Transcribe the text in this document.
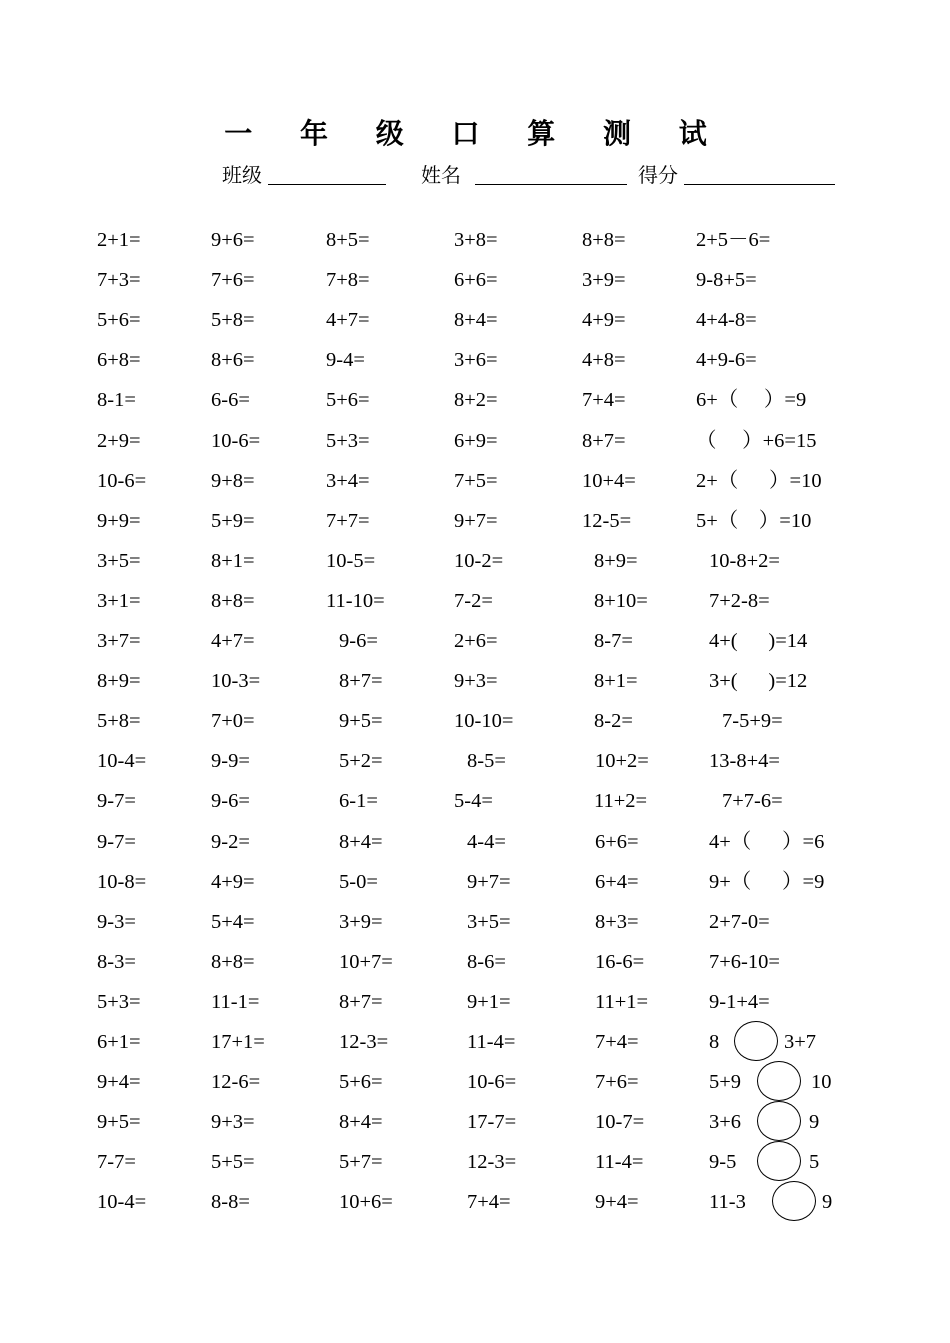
一 年 级 口 算 测 试
班级	姓名	得分
2+1=	9+6=	8+5=	3+8=	8+8=	2+5－6=
7+3=	7+6=	7+8=	6+6=	3+9=	9-8+5=
5+6=	5+8=	4+7=	8+4=	4+9=	4+4-8=
6+8=	8+6=	9-4=	3+6=	4+8=	4+9-6=
8-1=	6-6=	5+6=	8+2=	7+4=	6+（     ）=9
2+9=	10-6=	5+3=	6+9=	8+7=	（     ）+6=15
10-6=	9+8=	3+4=	7+5=	10+4=	2+（      ）=10
9+9=	5+9=	7+7=	9+7=	12-5=	5+（    ）=10
3+5=	8+1=	10-5=	10-2=	8+9=	10-8+2=
3+1=	8+8=	11-10=	7-2=	8+10=	7+2-8=
3+7=	4+7=	9-6=	2+6=	8-7=	4+(      )=14
8+9=	10-3=	8+7=	9+3=	8+1=	3+(      )=12
5+8=	7+0=	9+5=	10-10=	8-2=	7-5+9=
10-4=	9-9=	5+2=	8-5=	10+2=	13-8+4=
9-7=	9-6=	6-1=	5-4=	11+2=	7+7-6=
9-7=	9-2=	8+4=	4-4=	6+6=	4+（      ）=6
10-8=	4+9=	5-0=	9+7=	6+4=	9+（      ）=9
9-3=	5+4=	3+9=	3+5=	8+3=	2+7-0=
8-3=	8+8=	10+7=	8-6=	16-6=	7+6-10=
5+3=	11-1=	8+7=	9+1=	11+1=	9-1+4=
6+1=	17+1=	12-3=	11-4=	7+4=	8	3+7
9+4=	12-6=	5+6=	10-6=	7+6=	5+9	10
9+5=	9+3=	8+4=	17-7=	10-7=	3+6	9
7-7=	5+5=	5+7=	12-3=	11-4=	9-5	5
10-4=	8-8=	10+6=	7+4=	9+4=	11-3	9
